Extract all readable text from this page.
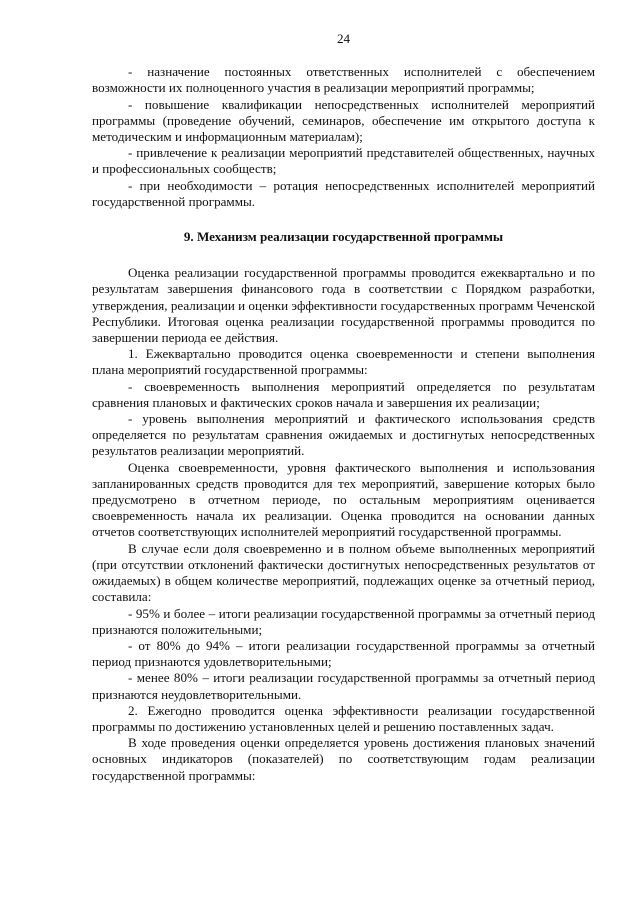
24

- назначение постоянных ответственных исполнителей с обеспечением возможности их полноценного участия в реализации мероприятий программы;

- повышение квалификации непосредственных исполнителей мероприятий программы (проведение обучений, семинаров, обеспечение им открытого доступа к методическим и информационным материалам);

- привлечение к реализации мероприятий представителей общественных, научных и профессиональных сообществ;

- при необходимости – ротация непосредственных исполнителей мероприятий государственной программы.

9. Механизм реализации государственной программы

Оценка реализации государственной программы проводится ежеквартально и по результатам завершения финансового года в соответствии с Порядком разработки, утверждения, реализации и оценки эффективности государственных программ Чеченской Республики. Итоговая оценка реализации государственной программы проводится по завершении периода ее действия.

1. Ежеквартально проводится оценка своевременности и степени выполнения плана мероприятий государственной программы:

- своевременность выполнения мероприятий определяется по результатам сравнения плановых и фактических сроков начала и завершения их реализации;

- уровень выполнения мероприятий и фактического использования средств определяется по результатам сравнения ожидаемых и достигнутых непосредственных результатов реализации мероприятий.

Оценка своевременности, уровня фактического выполнения и использования запланированных средств проводится для тех мероприятий, завершение которых было предусмотрено в отчетном периоде, по остальным мероприятиям оценивается своевременность начала их реализации. Оценка проводится на основании данных отчетов соответствующих исполнителей мероприятий государственной программы.

В случае если доля своевременно и в полном объеме выполненных мероприятий (при отсутствии отклонений фактически достигнутых непосредственных результатов от ожидаемых) в общем количестве мероприятий, подлежащих оценке за отчетный период, составила:

- 95% и более – итоги реализации государственной программы за отчетный период признаются положительными;

- от 80% до 94% – итоги реализации государственной программы за отчетный период признаются удовлетворительными;

- менее 80% – итоги реализации государственной программы за отчетный период признаются неудовлетворительными.

2. Ежегодно проводится оценка эффективности реализации государственной программы по достижению установленных целей и решению поставленных задач.

В ходе проведения оценки определяется уровень достижения плановых значений основных индикаторов (показателей) по соответствующим годам реализации государственной программы:
